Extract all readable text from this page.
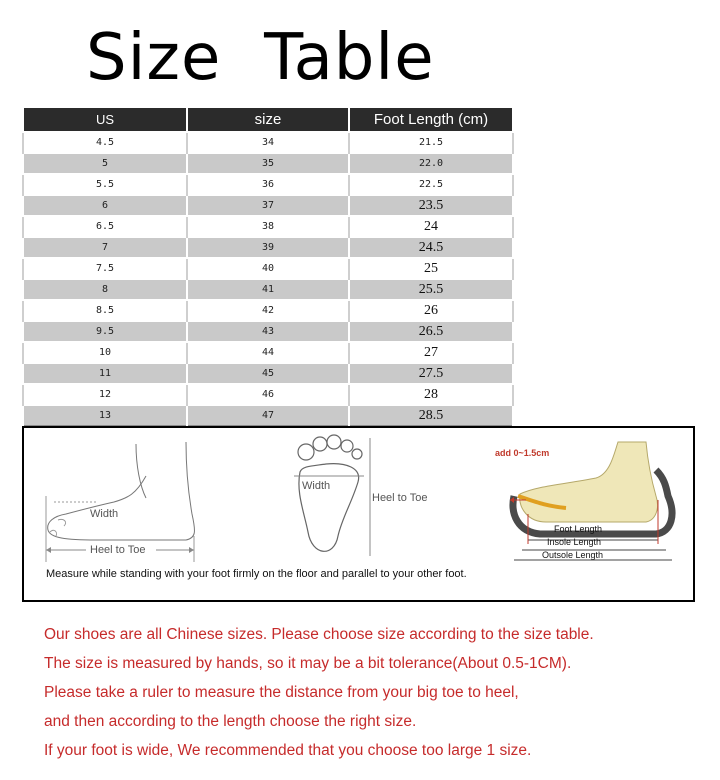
Size  Table
US	size	Foot Length (cm)
4.5	34	21.5
5	35	22.0
5.5	36	22.5
6	37	23.5
6.5	38	24
7	39	24.5
7.5	40	25
8	41	25.5
8.5	42	26
9.5	43	26.5
10	44	27
11	45	27.5
12	46	28
13	47	28.5
Width
Heel to Toe
Width
Heel to Toe
add 0~1.5cm
Foot Length
Insole Length
Outsole Length
Measure while standing with your foot firmly on the floor and parallel to your other foot.

Our shoes are all Chinese sizes. Please choose size according to the size table.

The size is measured by hands, so it may be a bit tolerance(About 0.5-1CM).

Please take a ruler to measure the distance from your big toe to heel,

and then according to the length choose the right size.

If your foot is wide, We recommended that you choose too large 1 size.
